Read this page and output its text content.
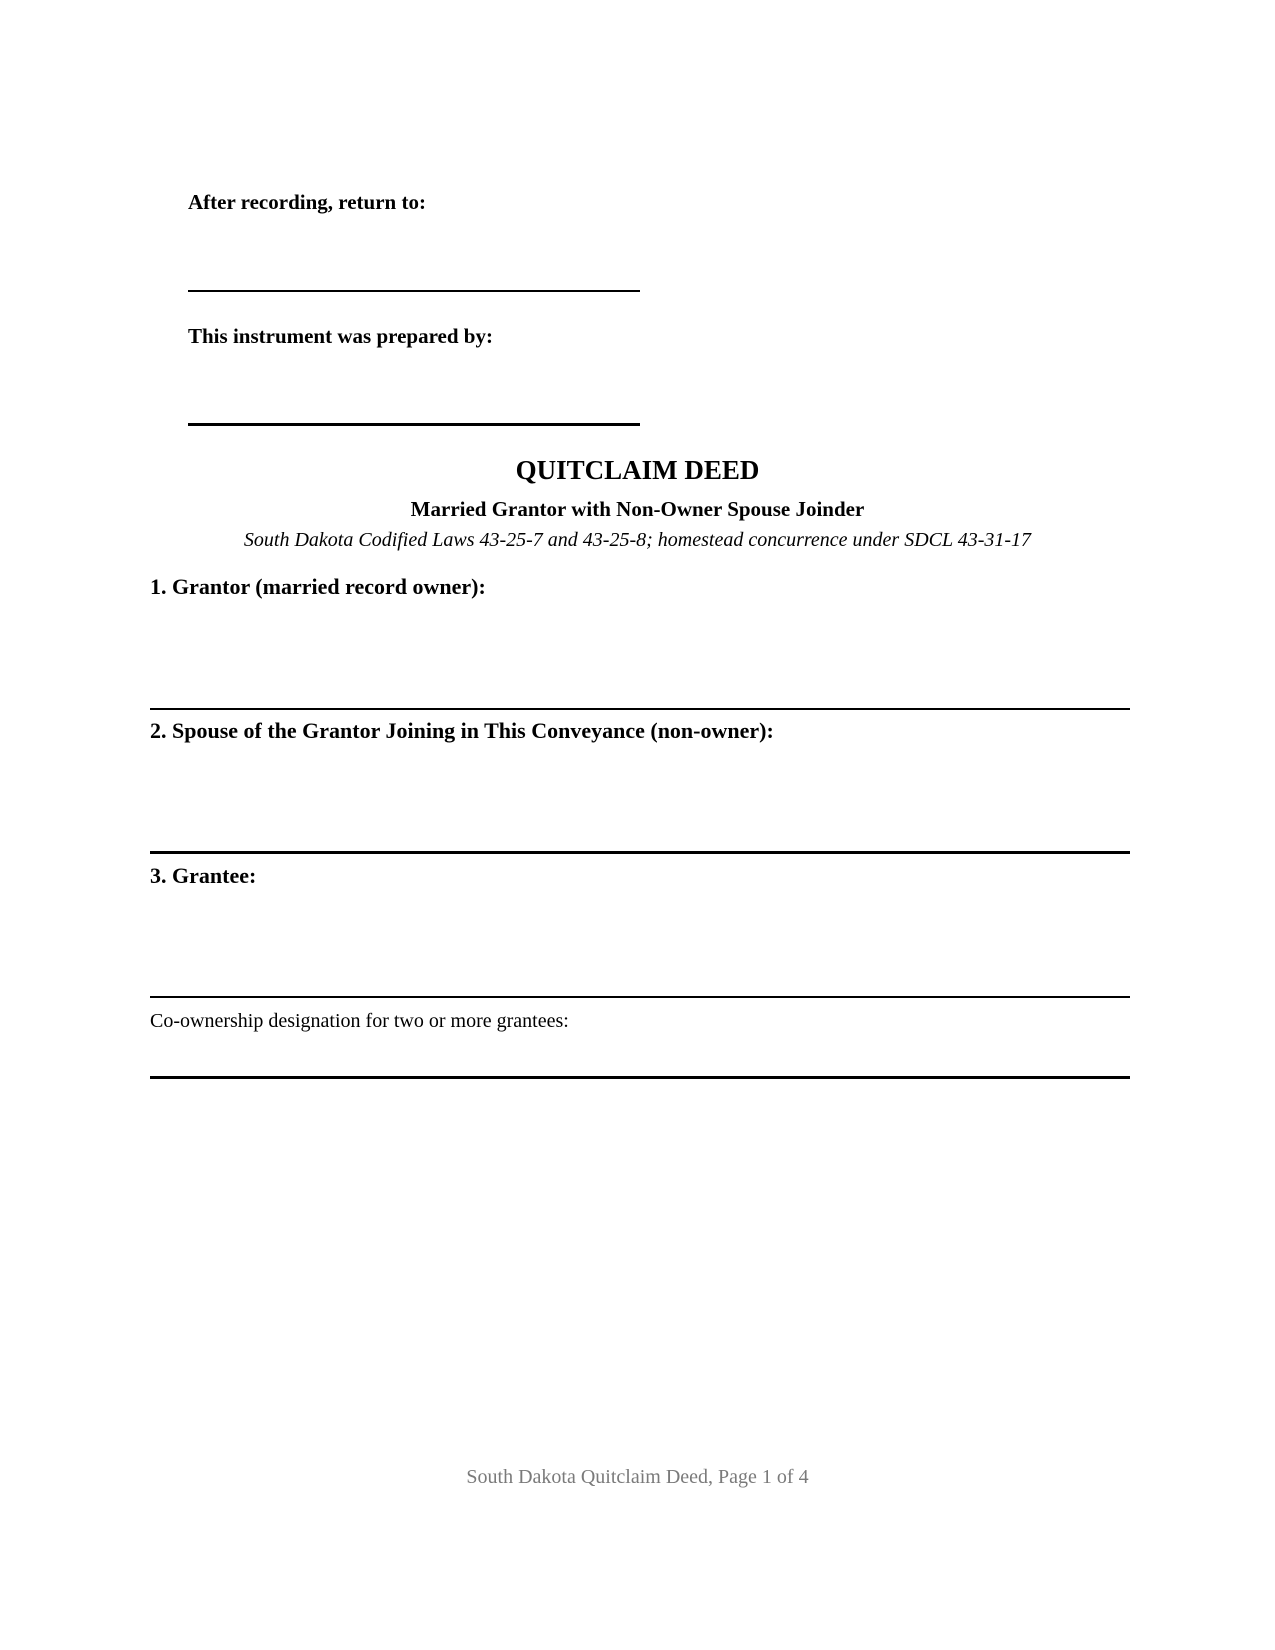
After recording, return to:
This instrument was prepared by:
QUITCLAIM DEED
Married Grantor with Non-Owner Spouse Joinder
South Dakota Codified Laws 43-25-7 and 43-25-8; homestead concurrence under SDCL 43-31-17
1. Grantor (married record owner):
2. Spouse of the Grantor Joining in This Conveyance (non-owner):
3. Grantee:
Co-ownership designation for two or more grantees:
South Dakota Quitclaim Deed, Page 1 of 4
